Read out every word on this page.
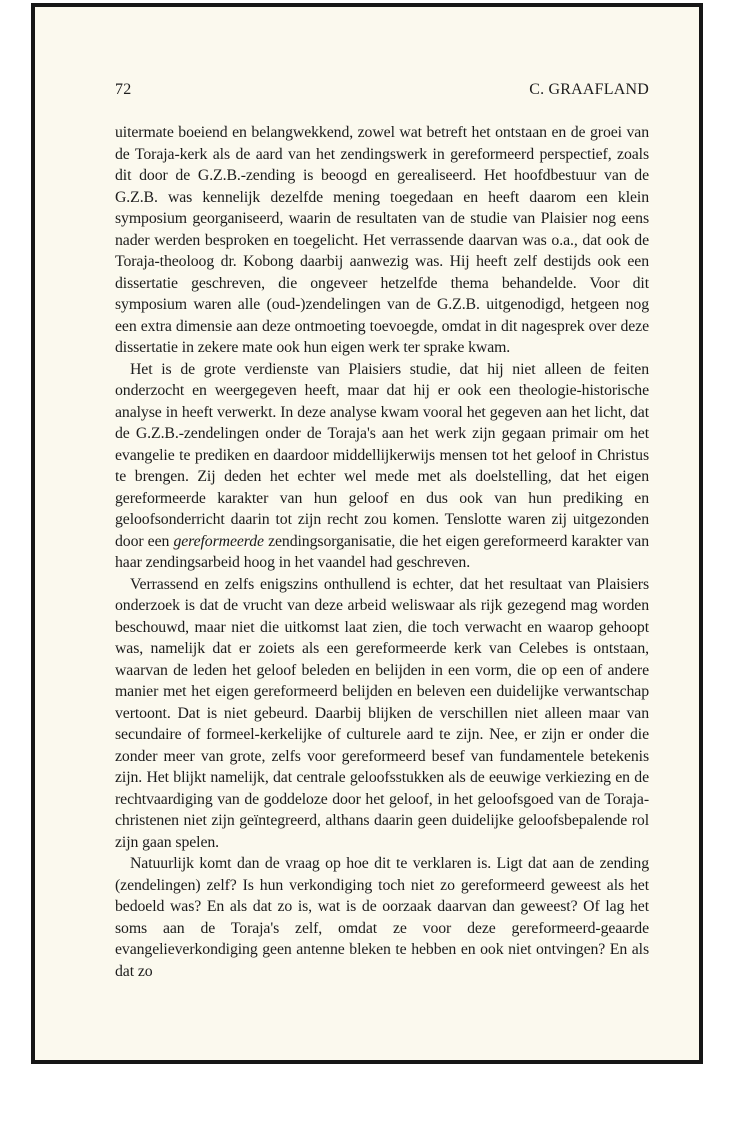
72	C. GRAAFLAND

uitermate boeiend en belangwekkend, zowel wat betreft het ontstaan en de groei van de Toraja-kerk als de aard van het zendingswerk in gereformeerd perspectief, zoals dit door de G.Z.B.-zending is beoogd en gerealiseerd. Het hoofdbestuur van de G.Z.B. was kennelijk dezelfde mening toegedaan en heeft daarom een klein symposium georganiseerd, waarin de resultaten van de studie van Plaisier nog eens nader werden besproken en toegelicht. Het verrassende daarvan was o.a., dat ook de Toraja-theoloog dr. Kobong daarbij aanwezig was. Hij heeft zelf destijds ook een dissertatie geschreven, die ongeveer hetzelfde thema behandelde. Voor dit symposium waren alle (oud-)zendelingen van de G.Z.B. uitgenodigd, hetgeen nog een extra dimensie aan deze ontmoeting toevoegde, omdat in dit nagesprek over deze dissertatie in zekere mate ook hun eigen werk ter sprake kwam.

Het is de grote verdienste van Plaisiers studie, dat hij niet alleen de feiten onderzocht en weergegeven heeft, maar dat hij er ook een theologie-historische analyse in heeft verwerkt. In deze analyse kwam vooral het gegeven aan het licht, dat de G.Z.B.-zendelingen onder de Toraja's aan het werk zijn gegaan primair om het evangelie te prediken en daardoor middellijkerwijs mensen tot het geloof in Christus te brengen. Zij deden het echter wel mede met als doelstelling, dat het eigen gereformeerde karakter van hun geloof en dus ook van hun prediking en geloofsonderricht daarin tot zijn recht zou komen. Tenslotte waren zij uitgezonden door een gereformeerde zendingsorganisatie, die het eigen gereformeerd karakter van haar zendingsarbeid hoog in het vaandel had geschreven.

Verrassend en zelfs enigszins onthullend is echter, dat het resultaat van Plaisiers onderzoek is dat de vrucht van deze arbeid weliswaar als rijk gezegend mag worden beschouwd, maar niet die uitkomst laat zien, die toch verwacht en waarop gehoopt was, namelijk dat er zoiets als een gereformeerde kerk van Celebes is ontstaan, waarvan de leden het geloof beleden en belijden in een vorm, die op een of andere manier met het eigen gereformeerd belijden en beleven een duidelijke verwantschap vertoont. Dat is niet gebeurd. Daarbij blijken de verschillen niet alleen maar van secundaire of formeel-kerkelijke of culturele aard te zijn. Nee, er zijn er onder die zonder meer van grote, zelfs voor gereformeerd besef van fundamentele betekenis zijn. Het blijkt namelijk, dat centrale geloofsstukken als de eeuwige verkiezing en de rechtvaardiging van de goddeloze door het geloof, in het geloofsgoed van de Toraja-christenen niet zijn geïntegreerd, althans daarin geen duidelijke geloofsbepalende rol zijn gaan spelen.

Natuurlijk komt dan de vraag op hoe dit te verklaren is. Ligt dat aan de zending (zendelingen) zelf? Is hun verkondiging toch niet zo gereformeerd geweest als het bedoeld was? En als dat zo is, wat is de oorzaak daarvan dan geweest? Of lag het soms aan de Toraja's zelf, omdat ze voor deze gereformeerd-geaarde evangelieverkondiging geen antenne bleken te hebben en ook niet ontvingen? En als dat zo
